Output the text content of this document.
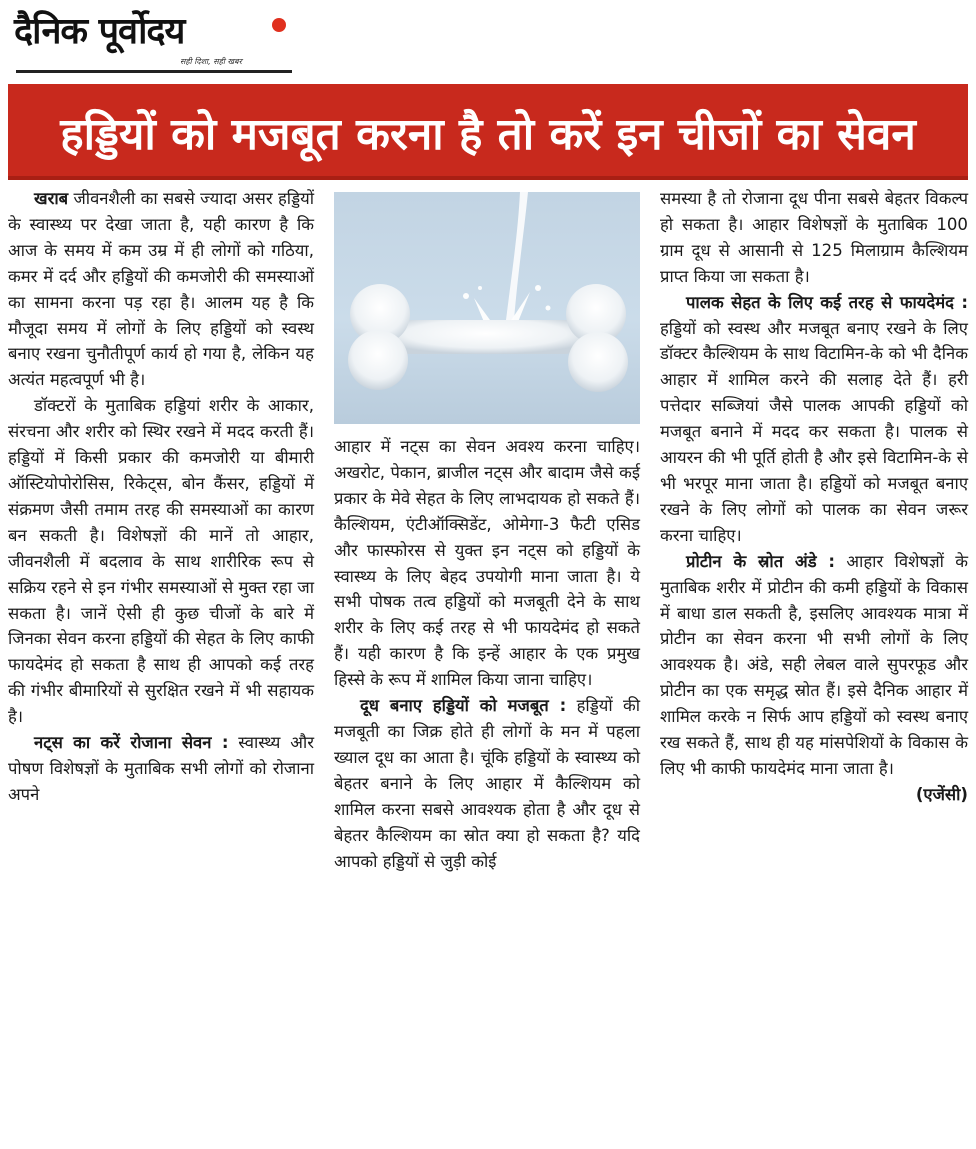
दैनिक पूर्वोदय
सही दिशा, सही खबर
हड्डियों को मजबूत करना है तो करें इन चीजों का सेवन

खराब जीवनशैली का सबसे ज्यादा असर हड्डियों के स्वास्थ्य पर देखा जाता है, यही कारण है कि आज के समय में कम उम्र में ही लोगों को गठिया, कमर में दर्द और हड्डियों की कमजोरी की समस्याओं का सामना करना पड़ रहा है। आलम यह है कि मौजूदा समय में लोगों के लिए हड्डियों को स्वस्थ बनाए रखना चुनौतीपूर्ण कार्य हो गया है, लेकिन यह अत्यंत महत्वपूर्ण भी है।

डॉक्टरों के मुताबिक हड्डियां शरीर के आकार, संरचना और शरीर को स्थिर रखने में मदद करती हैं। हड्डियों में किसी प्रकार की कमजोरी या बीमारी ऑस्टियोपोरोसिस, रिकेट्स, बोन कैंसर, हड्डियों में संक्रमण जैसी तमाम तरह की समस्याओं का कारण बन सकती है। विशेषज्ञों की मानें तो आहार, जीवनशैली में बदलाव के साथ शारीरिक रूप से सक्रिय रहने से इन गंभीर समस्याओं से मुक्त रहा जा सकता है। जानें ऐसी ही कुछ चीजों के बारे में जिनका सेवन करना हड्डियों की सेहत के लिए काफी फायदेमंद हो सकता है साथ ही आपको कई तरह की गंभीर बीमारियों से सुरक्षित रखने में भी सहायक है।

नट्स का करें रोजाना सेवन : स्वास्थ्य और पोषण विशेषज्ञों के मुताबिक सभी लोगों को रोजाना अपने

आहार में नट्स का सेवन अवश्य करना चाहिए। अखरोट, पेकान, ब्राजील नट्स और बादाम जैसे कई प्रकार के मेवे सेहत के लिए लाभदायक हो सकते हैं। कैल्शियम, एंटीऑक्सिडेंट, ओमेगा-3 फैटी एसिड और फास्फोरस से युक्त इन नट्स को हड्डियों के स्वास्थ्य के लिए बेहद उपयोगी माना जाता है। ये सभी पोषक तत्व हड्डियों को मजबूती देने के साथ शरीर के लिए कई तरह से भी फायदेमंद हो सकते हैं। यही कारण है कि इन्हें आहार के एक प्रमुख हिस्से के रूप में शामिल किया जाना चाहिए।

दूध बनाए हड्डियों को मजबूत : हड्डियों की मजबूती का जिक्र होते ही लोगों के मन में पहला ख्याल दूध का आता है। चूंकि हड्डियों के स्वास्थ्य को बेहतर बनाने के लिए आहार में कैल्शियम को शामिल करना सबसे आवश्यक होता है और दूध से बेहतर कैल्शियम का स्रोत क्या हो सकता है? यदि आपको हड्डियों से जुड़ी कोई

समस्या है तो रोजाना दूध पीना सबसे बेहतर विकल्प हो सकता है। आहार विशेषज्ञों के मुताबिक 100 ग्राम दूध से आसानी से 125 मिलाग्राम कैल्शियम प्राप्त किया जा सकता है।

पालक सेहत के लिए कई तरह से फायदेमंद : हड्डियों को स्वस्थ और मजबूत बनाए रखने के लिए डॉक्टर कैल्शियम के साथ विटामिन-के को भी दैनिक आहार में शामिल करने की सलाह देते हैं। हरी पत्तेदार सब्जियां जैसे पालक आपकी हड्डियों को मजबूत बनाने में मदद कर सकता है। पालक से आयरन की भी पूर्ति होती है और इसे विटामिन-के से भी भरपूर माना जाता है। हड्डियों को मजबूत बनाए रखने के लिए लोगों को पालक का सेवन जरूर करना चाहिए।

प्रोटीन के स्रोत अंडे : आहार विशेषज्ञों के मुताबिक शरीर में प्रोटीन की कमी हड्डियों के विकास में बाधा डाल सकती है, इसलिए आवश्यक मात्रा में प्रोटीन का सेवन करना भी सभी लोगों के लिए आवश्यक है। अंडे, सही लेबल वाले सुपरफूड और प्रोटीन का एक समृद्ध स्रोत हैं। इसे दैनिक आहार में शामिल करके न सिर्फ आप हड्डियों को स्वस्थ बनाए रख सकते हैं, साथ ही यह मांसपेशियों के विकास के लिए भी काफी फायदेमंद माना जाता है।
(एजेंसी)
